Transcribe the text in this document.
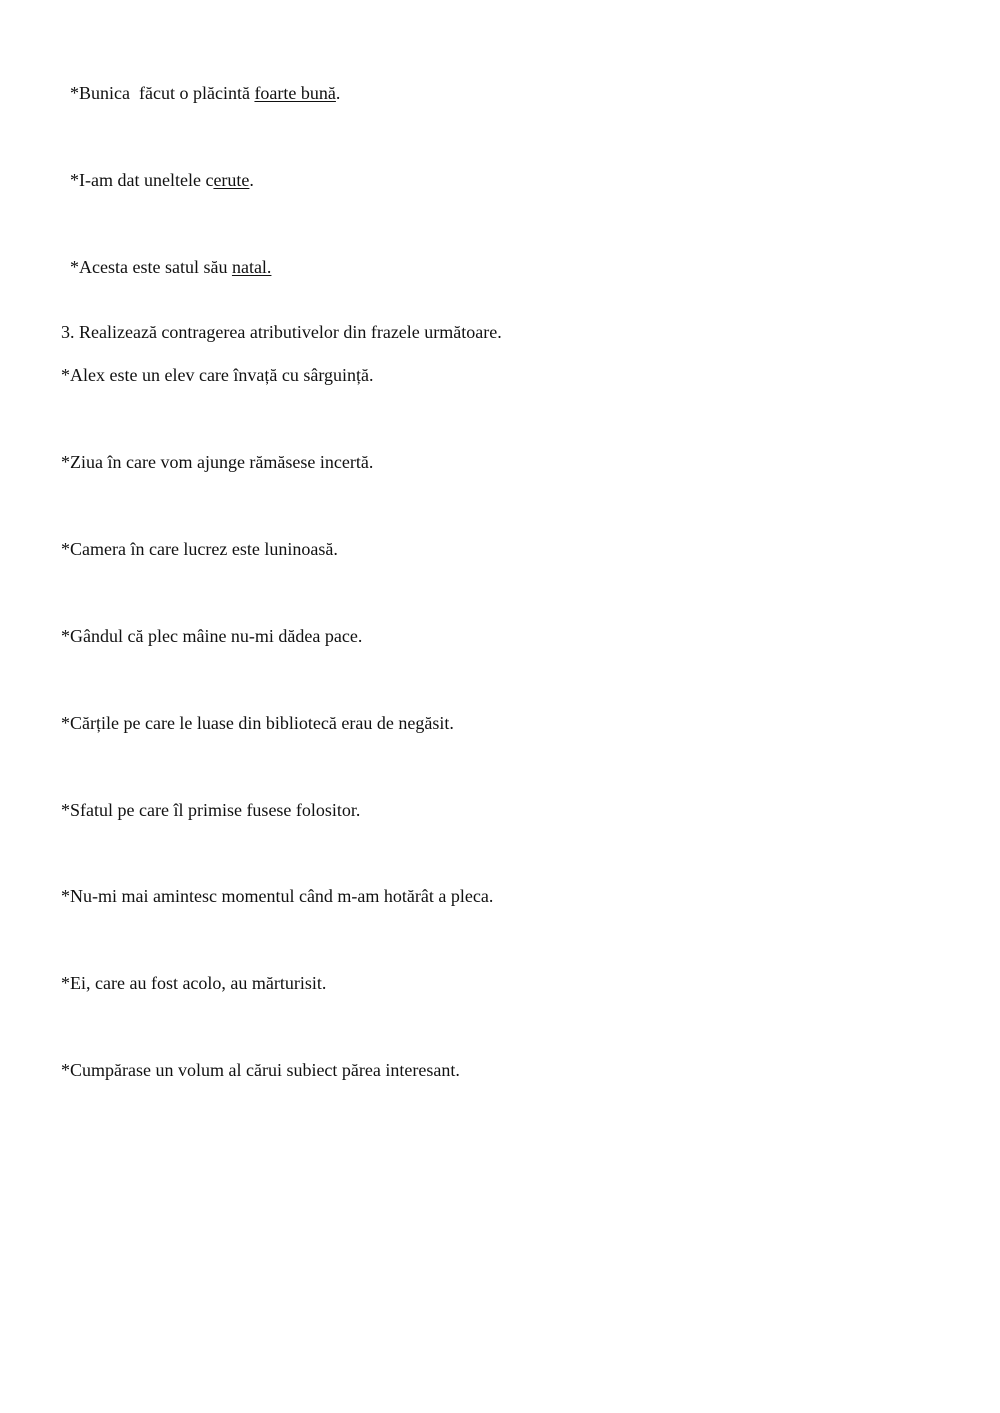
*Bunica  făcut o plăcintă foarte bună.

*I-am dat uneltele cerute.

*Acesta este satul său natal.

3. Realizează contragerea atributivelor din frazele următoare.
*Alex este un elev care învață cu sârguință.
*Ziua în care vom ajunge rămăsese incertă.
*Camera în care lucrez este luninoasă.
*Gândul că plec mâine nu-mi dădea pace.
*Cărțile pe care le luase din bibliotecă erau de negăsit.
*Sfatul pe care îl primise fusese folositor.
*Nu-mi mai amintesc momentul când m-am hotărât a pleca.
*Ei, care au fost acolo, au mărturisit.
*Cumpărase un volum al cărui subiect părea interesant.
